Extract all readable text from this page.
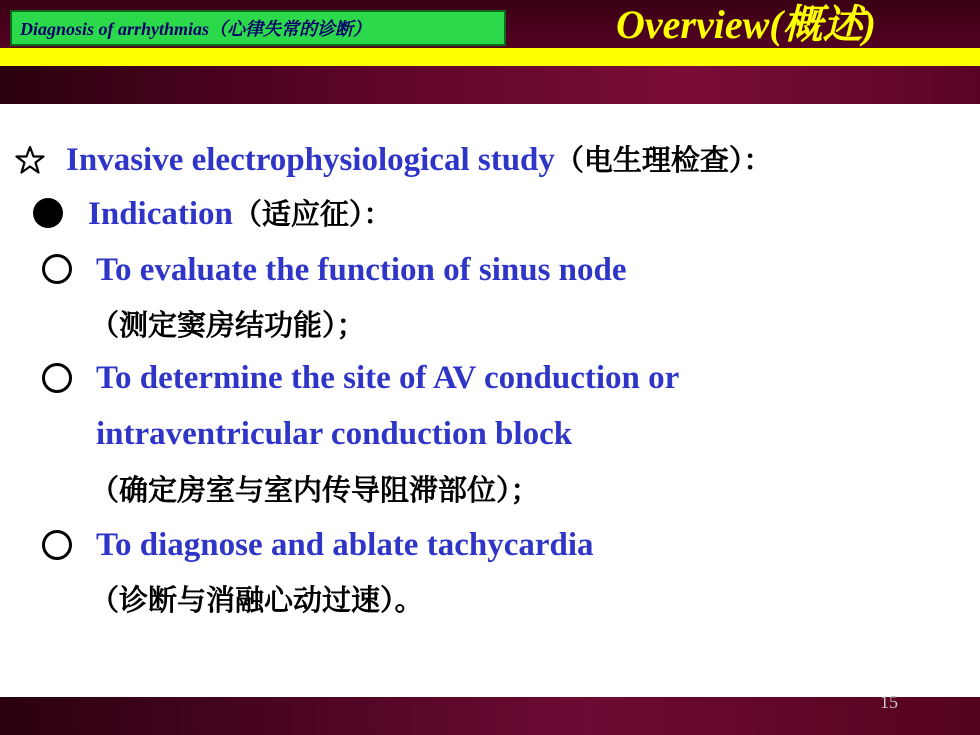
Diagnosis of arrhythmias（心律失常的诊断）	Overview(概述)
Invasive electrophysiological study（电生理检查）：
Indication（适应征）：
To evaluate the function of sinus node
（测定窦房结功能）；
To determine the site of AV conduction or
intraventricular conduction block
（确定房室与室内传导阻滞部位）；
To diagnose and ablate tachycardia
（诊断与消融心动过速）。
15
